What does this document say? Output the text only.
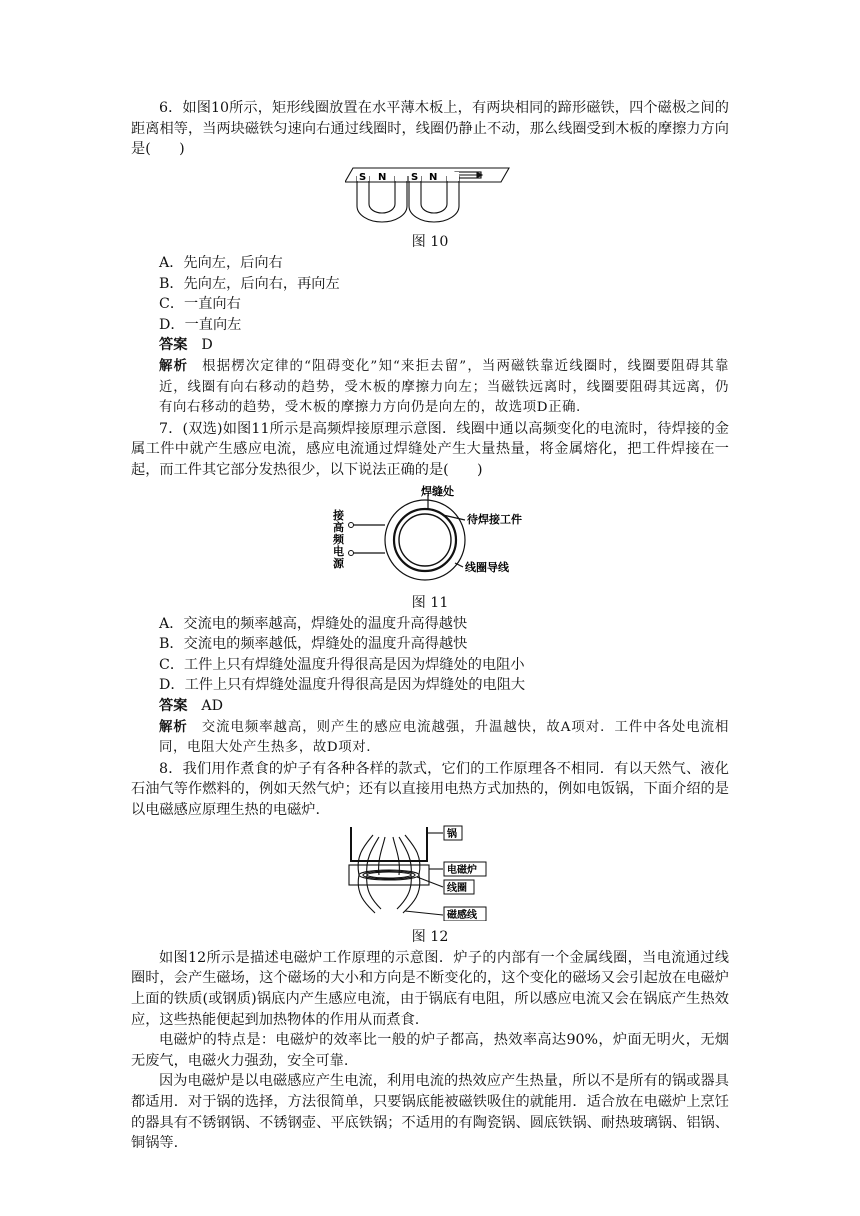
6．如图10所示，矩形线圈放置在水平薄木板上，有两块相同的蹄形磁铁，四个磁极之间的距离相等，当两块磁铁匀速向右通过线圈时，线圈仍静止不动，那么线圈受到木板的摩擦力方向是(　　)

S N S N

图 10

A．先向左，后向右

B．先向左，后向右，再向左

C．一直向右

D．一直向左

答案 D

解析 根据楞次定律的“阻碍变化”知“来拒去留”，当两磁铁靠近线圈时，线圈要阻碍其靠近，线圈有向右移动的趋势，受木板的摩擦力向左；当磁铁远离时，线圈要阻碍其远离，仍有向右移动的趋势，受木板的摩擦力方向仍是向左的，故选项D正确.

7．(双选)如图11所示是高频焊接原理示意图．线圈中通以高频变化的电流时，待焊接的金属工件中就产生感应电流，感应电流通过焊缝处产生大量热量，将金属熔化，把工件焊接在一起，而工件其它部分发热很少，以下说法正确的是(　　)

焊缝处
待焊接工件
线圈导线
接
高
频
电
源

图 11

A．交流电的频率越高，焊缝处的温度升高得越快

B．交流电的频率越低，焊缝处的温度升高得越快

C．工件上只有焊缝处温度升得很高是因为焊缝处的电阻小

D．工件上只有焊缝处温度升得很高是因为焊缝处的电阻大

答案 AD

解析 交流电频率越高，则产生的感应电流越强，升温越快，故A项对．工件中各处电流相同，电阻大处产生热多，故D项对.

8．我们用作煮食的炉子有各种各样的款式，它们的工作原理各不相同．有以天然气、液化石油气等作燃料的，例如天然气炉；还有以直接用电热方式加热的，例如电饭锅，下面介绍的是以电磁感应原理生热的电磁炉.

锅
电磁炉
线圈
磁感线

图 12

如图12所示是描述电磁炉工作原理的示意图．炉子的内部有一个金属线圈，当电流通过线圈时，会产生磁场，这个磁场的大小和方向是不断变化的，这个变化的磁场又会引起放在电磁炉上面的铁质(或钢质)锅底内产生感应电流，由于锅底有电阻，所以感应电流又会在锅底产生热效应，这些热能便起到加热物体的作用从而煮食.

电磁炉的特点是：电磁炉的效率比一般的炉子都高，热效率高达90%，炉面无明火，无烟无废气，电磁火力强劲，安全可靠.

因为电磁炉是以电磁感应产生电流，利用电流的热效应产生热量，所以不是所有的锅或器具都适用．对于锅的选择，方法很简单，只要锅底能被磁铁吸住的就能用．适合放在电磁炉上烹饪的器具有不锈钢锅、不锈钢壶、平底铁锅；不适用的有陶瓷锅、圆底铁锅、耐热玻璃锅、铝锅、铜锅等.
